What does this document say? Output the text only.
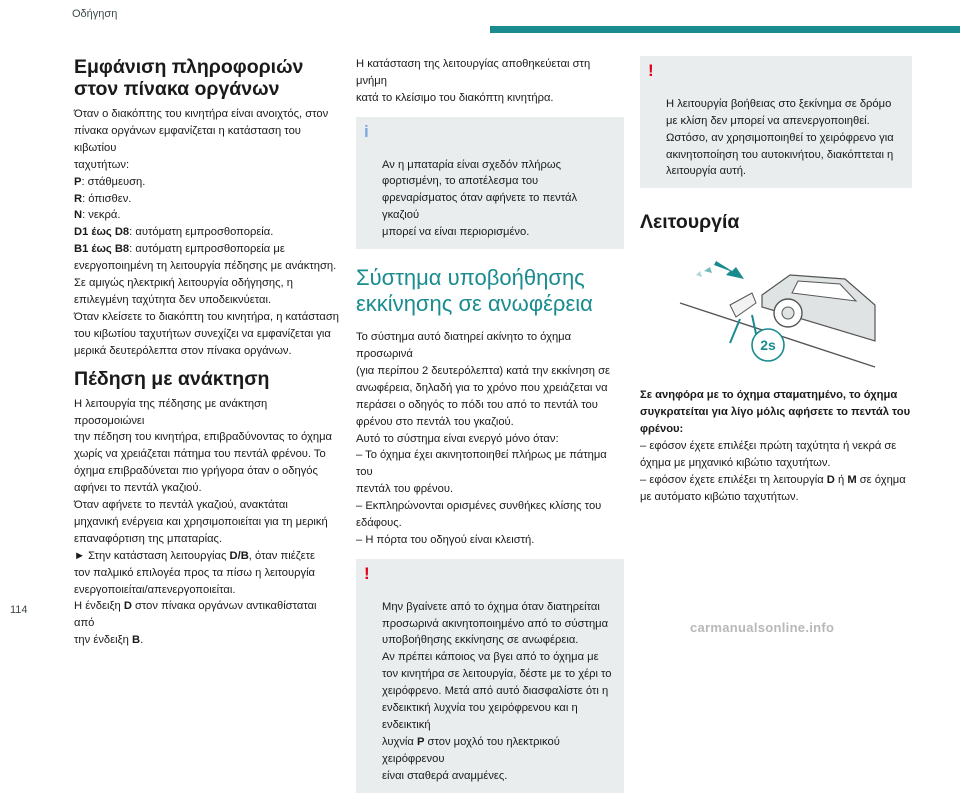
Οδήγηση
Εμφάνιση πληροφοριών στον πίνακα οργάνων
Όταν ο διακόπτης του κινητήρα είναι ανοιχτός, στον
πίνακα οργάνων εμφανίζεται η κατάσταση του κιβωτίου
ταχυτήτων:
P: στάθμευση.
R: όπισθεν.
N: νεκρά.
D1 έως D8: αυτόματη εμπροσθοπορεία.
B1 έως B8: αυτόματη εμπροσθοπορεία με
ενεργοποιημένη τη λειτουργία πέδησης με ανάκτηση.
Σε αμιγώς ηλεκτρική λειτουργία οδήγησης, η
επιλεγμένη ταχύτητα δεν υποδεικνύεται.
Όταν κλείσετε το διακόπτη του κινητήρα, η κατάσταση
του κιβωτίου ταχυτήτων συνεχίζει να εμφανίζεται για
μερικά δευτερόλεπτα στον πίνακα οργάνων.
Πέδηση με ανάκτηση
Η λειτουργία της πέδησης με ανάκτηση προσομοιώνει
την πέδηση του κινητήρα, επιβραδύνοντας το όχημα
χωρίς να χρειάζεται πάτημα του πεντάλ φρένου. Το
όχημα επιβραδύνεται πιο γρήγορα όταν ο οδηγός
αφήνει το πεντάλ γκαζιού.
Όταν αφήνετε το πεντάλ γκαζιού, ανακτάται
μηχανική ενέργεια και χρησιμοποιείται για τη μερική
επαναφόρτιση της μπαταρίας.
► Στην κατάσταση λειτουργίας D/B, όταν πιέζετε
τον παλμικό επιλογέα προς τα πίσω η λειτουργία
ενεργοποιείται/απενεργοποιείται.
Η ένδειξη D στον πίνακα οργάνων αντικαθίσταται από
την ένδειξη B.
Η κατάσταση της λειτουργίας αποθηκεύεται στη μνήμη
κατά το κλείσιμο του διακόπτη κινητήρα.

i

Αν η μπαταρία είναι σχεδόν πλήρως
φορτισμένη, το αποτέλεσμα του
φρεναρίσματος όταν αφήνετε το πεντάλ γκαζιού
μπορεί να είναι περιορισμένο.

Σύστημα υποβοήθησης εκκίνησης σε ανωφέρεια
Το σύστημα αυτό διατηρεί ακίνητο το όχημα προσωρινά
(για περίπου 2 δευτερόλεπτα) κατά την εκκίνηση σε
ανωφέρεια, δηλαδή για το χρόνο που χρειάζεται να
περάσει ο οδηγός το πόδι του από το πεντάλ του
φρένου στο πεντάλ του γκαζιού.
Αυτό το σύστημα είναι ενεργό μόνο όταν:
– Το όχημα έχει ακινητοποιηθεί πλήρως με πάτημα του
πεντάλ του φρένου.
– Εκπληρώνονται ορισμένες συνθήκες κλίσης του
εδάφους.
– Η πόρτα του οδηγού είναι κλειστή.

!

Μην βγαίνετε από το όχημα όταν διατηρείται
προσωρινά ακινητοποιημένο από το σύστημα
υποβοήθησης εκκίνησης σε ανωφέρεια.
Αν πρέπει κάποιος να βγει από το όχημα με
τον κινητήρα σε λειτουργία, δέστε με το χέρι το
χειρόφρενο. Μετά από αυτό διασφαλίστε ότι η
ενδεικτική λυχνία του χειρόφρενου και η ενδεικτική
λυχνία P στον μοχλό του ηλεκτρικού χειρόφρενου
είναι σταθερά αναμμένες.

!

Η λειτουργία βοήθειας στο ξεκίνημα σε δρόμο
με κλίση δεν μπορεί να απενεργοποιηθεί.
Ωστόσο, αν χρησιμοποιηθεί το χειρόφρενο για
ακινητοποίηση του αυτοκινήτου, διακόπτεται η
λειτουργία αυτή.

Λειτουργία
2s
Σε ανηφόρα με το όχημα σταματημένο, το όχημα
συγκρατείται για λίγο μόλις αφήσετε το πεντάλ του
φρένου:
– εφόσον έχετε επιλέξει πρώτη ταχύτητα ή νεκρά σε
όχημα με μηχανικό κιβώτιο ταχυτήτων.
– εφόσον έχετε επιλέξει τη λειτουργία D ή M σε όχημα
με αυτόματο κιβώτιο ταχυτήτων.
114
carmanualsonline.info
